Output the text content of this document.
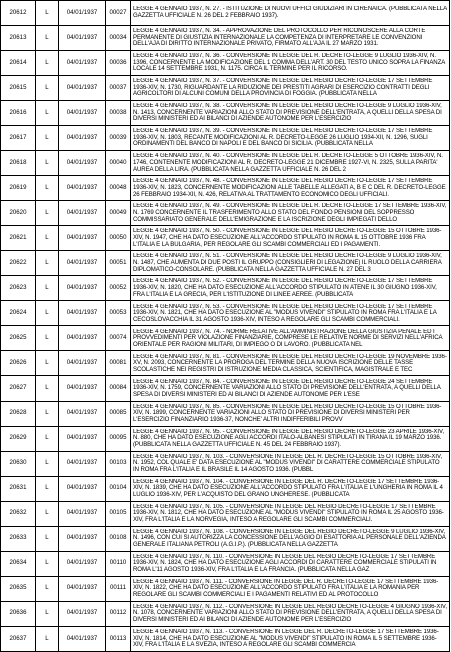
20612	L	04/01/1937	00027	LEGGE 4 GENNAIO 1937, N. 27. - ISTITUZIONE DI NUOVI UFFICI GIUDIZIARI IN CIRENAICA. (PUBBLICATA NELLA GAZZETTA UFFICIALE N. 26 DEL 2 FEBBRAIO 1937).

20613	L	04/01/1937	00034	LEGGE 4 GENNAIO 1937, N. 34. - APPROVAZIONE DEL PROTOCOLLO PER RICONOSCERE ALLA CORTE PERMANENTE DI GIUSTIZIA INTERNAZIONALE LA COMPETENZA DI INTERPRETARE LE CONVENZIONI DELL'AJA DI DIRITTO INTERNAZIONALE PRIVATO, FIRMATO ALL'AJA IL 27 MARZO 1931.

20614	L	04/01/1937	00036	LEGGE 4 GENNAIO 1937, N. 36. - CONVERSIONE IN LEGGE DEL R. DECRETO-LEGGE 9 LUGLIO 1936-XIV, N. 1396, CONCERNENTE LA MODIFICAZIONE DEL 1 COMMA DELL'ART. 30 DEL TESTO UNICO SOPRA LA FINANZA LOCALE 14 SETTEMBRE 1931, N. 1175. CIRCA IL TERMINE PER IL RICORSO.

20615	L	04/01/1937	00037	LEGGE 4 GENNAIO 1937, N. 37. - CONVERSIONE IN LEGGE DEL REGIO DECRETO-LEGGE 17 SETTEMBRE 1936-XIV, N. 1730, RIGUARDANTE LA RIDUZIONE DEI PRESTITI AGRARI DI ESERCIZIO CONTRATTI DEGLI AGRICOLTORI DI ALCUNI COMUNI DELLA PROVINCIA DI FOGGIA. (PUBBLICATA NELLA

20616	L	04/01/1937	00038	LEGGE 4 GENNAIO 1937, N. 38. - CONVERSIONE IN LEGGE DEL REGIO DECRETO-LEGGE 9 LUGLIO 1936-XIV, N. 1413, CONCERNENTE VARIAZIONI ALLO STATO DI PREVISIONE DELL'ENTRATA, A QUELLI DELLA SPESA DI DIVERSI MINISTERI ED AI BILANCI DI AZIENDE AUTONOME PER L'ESERCIZIO

20617	L	04/01/1937	00039	LEGGE 4 GENNAIO 1937, N. 39. - CONVERSIONE IN LEGGE DEL REGIO DECRETO-LEGGE 17 SETTEMBRE 1936-XIV, N. 1803, RECANTE MODIFICAZIONI AL R. DECRETO-LEGGE 26 LUGLIO 1934-XII, N. 1296, SUGLI ORDINAMENTI DEL BANCO DI NAPOLI E DEL BANCO DI SICILIA. (PUBBLICATA NELLA

20618	L	04/01/1937	00040	LEGGE 4 GENNAIO 1937, N. 40. - CONVERSIONE IN LEGGE DEL R. DECRETO-LEGGE 5 OTTOBRE 1936-XIV, N. 1746, CONTENENTE MODIFICAZIONI AL R. DECRETO-LEGGE 21 DICEMBRE 1927-VI, N. 2325, SULLA PARITA' AUREA DELLA LIRA. (PUBBLICATA NELLA GAZZETTA UFFICIALE N. 26 DEL 2

20619	L	04/01/1937	00048	LEGGE 4 GENNAIO 1937, N. 48. - CONVERSIONE IN LEGGE DEL REGIO DECRETO-LEGGE 17 SETTEMBRE 1936-XIV, N. 1823, CONCERNENTE MODIFICAZIONI ALLE TABELLE ALLEGATI A, B E C DEL R. DECRETO-LEGGE 26 FEBBRAIO 1934-XII, N. 426, RELATIVA AL TRATTAMENTO ECONOMICO DEGLI UFFICIALI.

20620	L	04/01/1937	00049	LEGGE 4 GENNAIO 1937, N. 49. - CONVERSIONE IN LEGGE DEL R. DECRETO-LEGGE 17 SETTEMBRE 1936-XIV, N. 1769 CONCERNENTE IL TRASFERIMENTO ALLO STATO DEL FONDO PENSIONI DEL SOPPRESSO COMMISSARIATO GENERALE DELL'EMIGRAZIONE E LA ISCRIZIONE DEGLI IMPIEGATI DELLO

20621	L	04/01/1937	00050	LEGGE 4 GENNAIO 1937, N. 50. - CONVERSIONE IN LEGGE DEL REGIO DECRETO-LEGGE 15 OTTOBRE 1936-XIV, N. 1947, CHE HA DATO ESECUZIONE ALL'ACCORDO STIPULATO IN ROMA IL 15 OTTOBRE 1936 FRA L'ITALIA E LA BULGARIA, PER REGOLARE GLI SCAMBI COMMERCIALI ED I PAGAMENTI.

20622	L	04/01/1937	00051	LEGGE 4 GENNAIO 1937, N. 51. - CONVERSIONE IN LEGGE DEL REGIO DECRETO-LEGGE 9 LUGLIO 1936-XIV, N. 1487, CHE AUMENTA DI DUE POSTI IL GRUPPO (CONSIGLIERI DI LEGAZIONE) IL RUOLO DELLA CARRIERA DIPLOMATICO-CONSOLARE. (PUBBLICATA NELLA GAZZETTA UFFICIALE N. 27 DEL 3

20623	L	04/01/1937	00052	LEGGE 4 GENNAIO 1937, N. 52. - CONVERSIONE IN LEGGE DEL REGIO DECRETO-LEGGE 17 SETTEMBRE 1936-XIV, N. 1820, CHE HA DATO ESECUZIONE ALL'ACCORDO STIPULATO IN ATENE IL 30 GIUGNO 1936-XIV, FRA L'ITALIA E LA GRECIA, PER L'ISTITUZIONE DI LINEE AEREE. (PUBBLICATA

20624	L	04/01/1937	00053	LEGGE 4 GENNAIO 1937, N. 53. - CONVERSIONE IN LEGGE DEL REGIO DECRETO-LEGGE 17 SETTEMBRE 1936-XIV, N. 1821, CHE HA DATO ESECUZIONE AL "MODUS VIVENDI" STIPULATO IN ROMA FRA L'ITALIA E LA CECOSLOVACCHIA IL 31 AGOSTO 1936-XIV, INTESO A REGOLARE GLI SCAMBI COMMERCIALI.

20625	L	04/01/1937	00074	LEGGE 4 GENNAIO 1937, N. 74. - NORME RELATIVE ALL'AMMINISTRAZIONE DELLA GIUSTIZIA PENALE ED I PROVVEDIMENTI PER VIOLAZIONE FINANZIARIE, COMPRESE LE RELATIVE NORME DI SERVIZI NELL'AFRICA ORIENTALE PER RAGIONI MILITARI, DI IMPIEGO O DI LAVORO. (PUBBLICATA NEL

20626	L	04/01/1937	00081	LEGGE 4 GENNAIO 1937, N. 81. - CONVERSIONE IN LEGGE DEL REGIO DECRETO-LEGGE 19 NOVEMBRE 1936-XV, N. 2093, CONCERNENTE LA PROROGA DEL TERMINE DELLA NUOVA ISCRIZIONE DELLE TASSE SCOLASTICHE NEI REGISTRI DI ISTRUZIONE MEDIA CLASSICA, SCIENTIFICA, MAGISTRALE E TEC

20627	L	04/01/1937	00084	LEGGE 4 GENNAIO 1937, N. 84. - CONVERSIONE IN LEGGE DEL REGIO DECRETO-LEGGE 24 SETTEMBRE 1936-XIV, N. 1759, CONCERNENTE VARIAZIONI ALLO STATO DI PREVISIONE DELL'ENTRATA, A QUELLI DELLA SPESA DI DIVERSI MINISTERI ED AI BILANCI DI AZIENDE AUTONOME PER L'ESE

20628	L	04/01/1937	00085	LEGGE 4 GENNAIO 1937, N. 85. - CONVERSIONE IN LEGGE DEL REGIO DECRETO-LEGGE 15 OTTOBRE 1936-XIV, N. 1899, CONCERNENTE VARIAZIONI ALLO STATO DI PREVISIONE DI DIVERSI MINISTERI PER L'ESERCIZIO FINANZIARIO 1936-37, NONCHE' ALTRI INDIFFERIBILI PROVV

20629	L	04/01/1937	00095	LEGGE 4 GENNAIO 1937, N. 95. - CONVERSIONE IN LEGGE DEL REGIO DECRETO-LEGGE 23 APRILE 1936-XIV, N. 880, CHE HA DATO ESECUZIONE AGLI ACCORDI ITALO-ALBANESI STIPULATI IN TIRANA IL 19 MARZO 1936. (PUBBLICATA NELLA GAZZETTA UFFICIALE N. 45 DEL 24 FEBBRAIO 1937).

20630	L	04/01/1937	00103	LEGGE 4 GENNAIO 1937, N. 103. - CONVERSIONE IN LEGGE DEL R. DECRETO-LEGGE 15 OTTOBRE 1936-XIV, N. 1952, COL QUALE E' DATA ESECUZIONE AL "MODUS VIVENDI" DI CARATTERE COMMERCIALE STIPULATO IN ROMA FRA L'ITALIA E IL BRASILE IL 14 AGOSTO 1936. (PUBBL

20631	L	04/01/1937	00104	LEGGE 4 GENNAIO 1937, N. 104. - CONVERSIONE IN LEGGE DEL R. DECRETO-LEGGE 17 SETTEMBRE 1936-XIV, N. 1839, CHE HA DATO ESECUZIONE ALL'ACCORDO STIPULATO FRA L'ITALIA E L'UNGHERIA IN ROMA IL 4 LUGLIO 1936-XIV, PER L'ACQUISTO DEL GRANO UNGHERESE. (PUBBLICATA

20632	L	04/01/1937	00105	LEGGE 4 GENNAIO 1937, N. 105. - CONVERSIONE IN LEGGE DEL REGIO DECRETO-LEGGE 17 SETTEMBRE 1936-XIV, N. 1812, CHE HA DATO ESECUZIONE AL "MODUS VIVENDI" STIPULATO IN ROMA IL 25 AGOSTO 1936-XIV, FRA L'ITALIA E LA NORVEGIA, INTESO A REGOLARE GLI SCAMBI COMMERCIALI.

20633	L	04/01/1937	00108	LEGGE 4 GENNAIO 1937, N. 108. - CONVERSIONE IN LEGGE DEL REGIO DECRETO-LEGGE 9 LUGLIO 1936-XIV, N. 1496, CON CUI SI AUTORIZZA LA CONCESSIONE DELL'AGGIO DI ESATTORIA AL PERSONALE DELL'AZIENDA GENERALE ITALIANA PETROLI (A.G.I.P.). (PUBBLICATA NELLA GAZZETTA

20634	L	04/01/1937	00110	LEGGE 4 GENNAIO 1937, N. 110. - CONVERSIONE IN LEGGE DEL REGIO DECRETO-LEGGE 17 SETTEMBRE 1936-XIV, N. 1824, CHE HA DATO ESECUZIONE AGLI ACCORDI DI CARATTERE COMMERCIALE STIPULATI IN ROMA L'11 AGOSTO 1936-XIV, FRA L'ITALIA E LA FRANCIA. (PUBBLICATA NELLA GAZ

20635	L	04/01/1937	00111	LEGGE 4 GENNAIO 1937, N. 111. - CONVERSIONE IN LEGGE DEL R. DECRETO-LEGGE 17 SETTEMBRE 1936-XIV, N. 1822, CHE HA DATO ESECUZIONE ALL'ACCORDO STIPULATO FRA L'ITALIA E LA ROMANIA PER REGOLARE GLI SCAMBI COMMERCIALI E I PAGAMENTI RELATIVI ED AL PROTOCOLLO

20636	L	04/01/1937	00112	LEGGE 4 GENNAIO 1937, N. 112. - CONVERSIONE IN LEGGE DEL REGIO DECRETO-LEGGE 4 GIUGNO 1936-XIV, N. 1078, CONCERNENTE VARIAZIONI ALLO STATO DI PREVISIONE DELL'ENTRATA, A QUELLI DELLA SPESA DI DIVERSI MINISTERI ED AI BILANCI DI AZIENDE AUTONOME PER L'ESERCIZIO

20637	L	04/01/1937	00113	LEGGE 4 GENNAIO 1937, N. 113. - CONVERSIONE IN LEGGE DEL R. DECRETO-LEGGE 17 SETTEMBRE 1936-XIV, N. 1814, CHE HA DATO ESECUZIONE AL "MODUS VIVENDI" STIPULATO IN ROMA IL 5 SETTEMBRE 1936-XIV, FRA L'ITALIA E LA SVEZIA, INTESO A REGOLARE GLI SCAMBI COMMERCIA
